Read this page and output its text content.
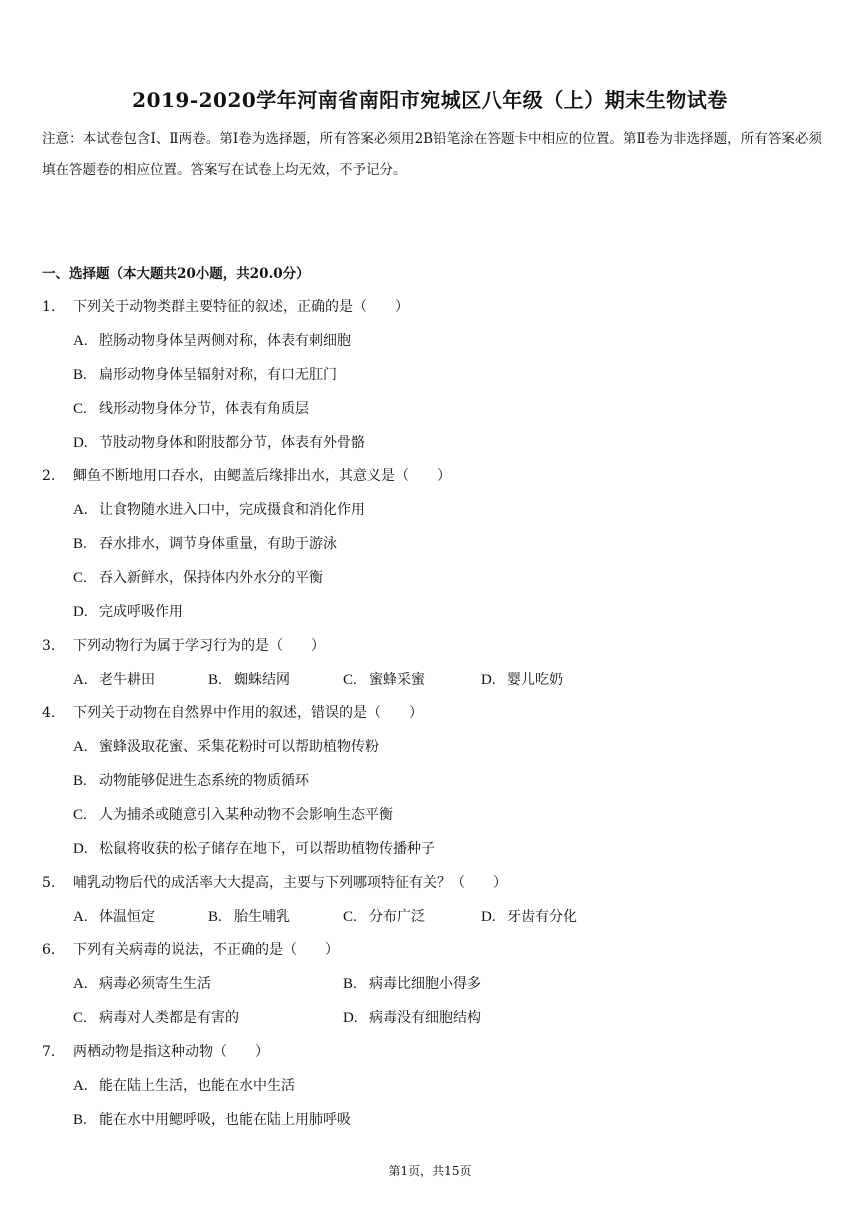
2019-2020学年河南省南阳市宛城区八年级（上）期末生物试卷
注意：本试卷包含Ⅰ、Ⅱ两卷。第Ⅰ卷为选择题，所有答案必须用2B铅笔涂在答题卡中相应的位置。第Ⅱ卷为非选择题，所有答案必须填在答题卷的相应位置。答案写在试卷上均无效，不予记分。
一、选择题（本大题共20小题，共20.0分）
1. 下列关于动物类群主要特征的叙述，正确的是（　　）
A. 腔肠动物身体呈两侧对称，体表有刺细胞
B. 扁形动物身体呈辐射对称，有口无肛门
C. 线形动物身体分节，体表有角质层
D. 节肢动物身体和附肢都分节，体表有外骨骼
2. 鲫鱼不断地用口吞水，由鳃盖后缘排出水，其意义是（　　）
A. 让食物随水进入口中，完成摄食和消化作用
B. 吞水排水，调节身体重量，有助于游泳
C. 吞入新鲜水，保持体内外水分的平衡
D. 完成呼吸作用
3. 下列动物行为属于学习行为的是（　　）
A. 老牛耕田	B. 蜘蛛结网	C. 蜜蜂采蜜	D. 婴儿吃奶
4. 下列关于动物在自然界中作用的叙述，错误的是（　　）
A. 蜜蜂汲取花蜜、采集花粉时可以帮助植物传粉
B. 动物能够促进生态系统的物质循环
C. 人为捕杀或随意引入某种动物不会影响生态平衡
D. 松鼠将收获的松子储存在地下，可以帮助植物传播种子
5. 哺乳动物后代的成活率大大提高，主要与下列哪项特征有关？（　　）
A. 体温恒定	B. 胎生哺乳	C. 分布广泛	D. 牙齿有分化
6. 下列有关病毒的说法，不正确的是（　　）
A. 病毒必须寄生生活	B. 病毒比细胞小得多
C. 病毒对人类都是有害的	D. 病毒没有细胞结构
7. 两栖动物是指这种动物（　　）
A. 能在陆上生活，也能在水中生活
B. 能在水中用鳃呼吸，也能在陆上用肺呼吸
第1页，共15页
